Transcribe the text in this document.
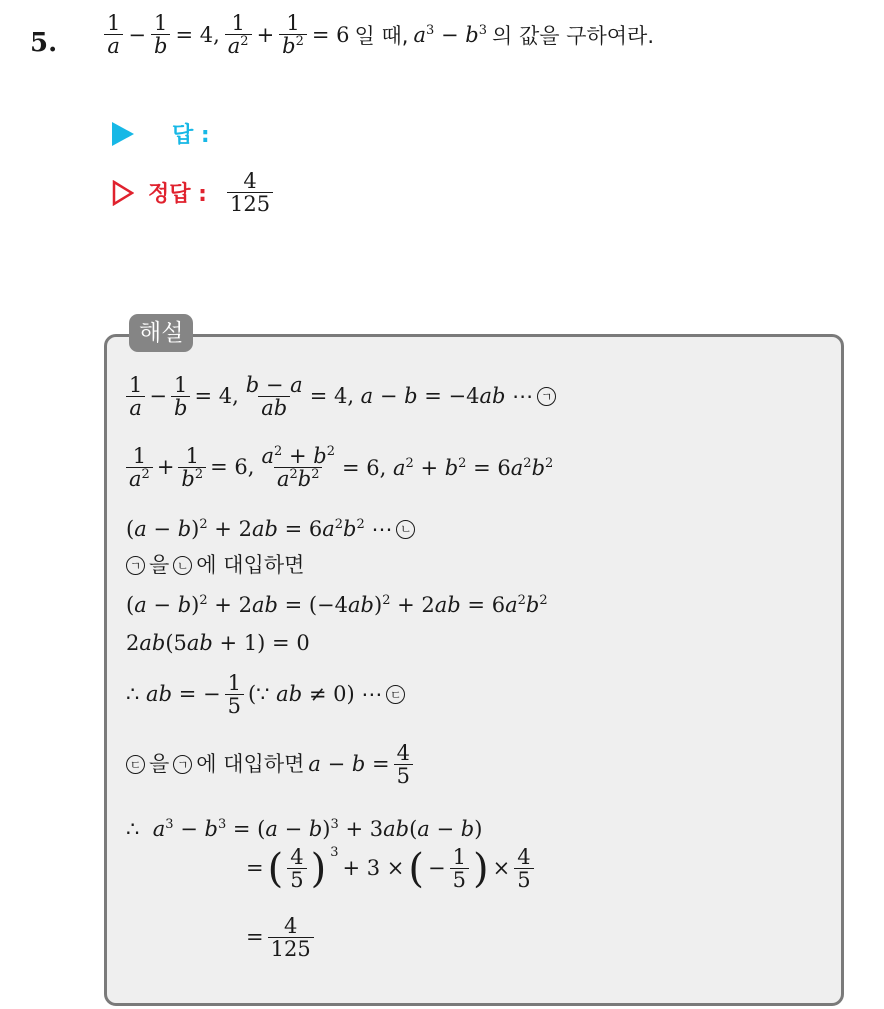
5. $\frac{1}{a} - \frac{1}{b} = 4$, $\frac{1}{a^2} + \frac{1}{b^2} = 6$ 일 때, $a^3 - b^3$ 의 값을 구하여라.
답 :
정답 : $\frac{4}{125}$
해설
$\frac{1}{a} - \frac{1}{b} = 4$, $\frac{b - a}{ab} = 4$, a − b = −4ab ⋯ ㄱ
$\frac{1}{a^2} + \frac{1}{b^2} = 6$, $\frac{a^2 + b^2}{a^2b^2} = 6$, $a^2 + b^2 = 6a^2b^2$
$(a - b)^2 + 2ab = 6a^2b^2$ ⋯ ㄴ
ㄱ 을 ㄴ 에 대입하면
$(a - b)^2 + 2ab = (-4ab)^2 + 2ab = 6a^2b^2$
2ab(5ab + 1) = 0
∴ ab = − $\frac{1}{5}$ (∵ ab ≠ 0) ⋯ ㄷ
ㄷ 을 ㄱ 에 대입하면 $a - b = \frac{4}{5}$
∴  $a^3 - b^3 = (a - b)^3 + 3ab(a - b)$
= ( $\frac{4}{5}$ ) 3
+ 3 × ( − $\frac{1}{5}$ ) × $\frac{4}{5}$
= $\frac{4}{125}$
